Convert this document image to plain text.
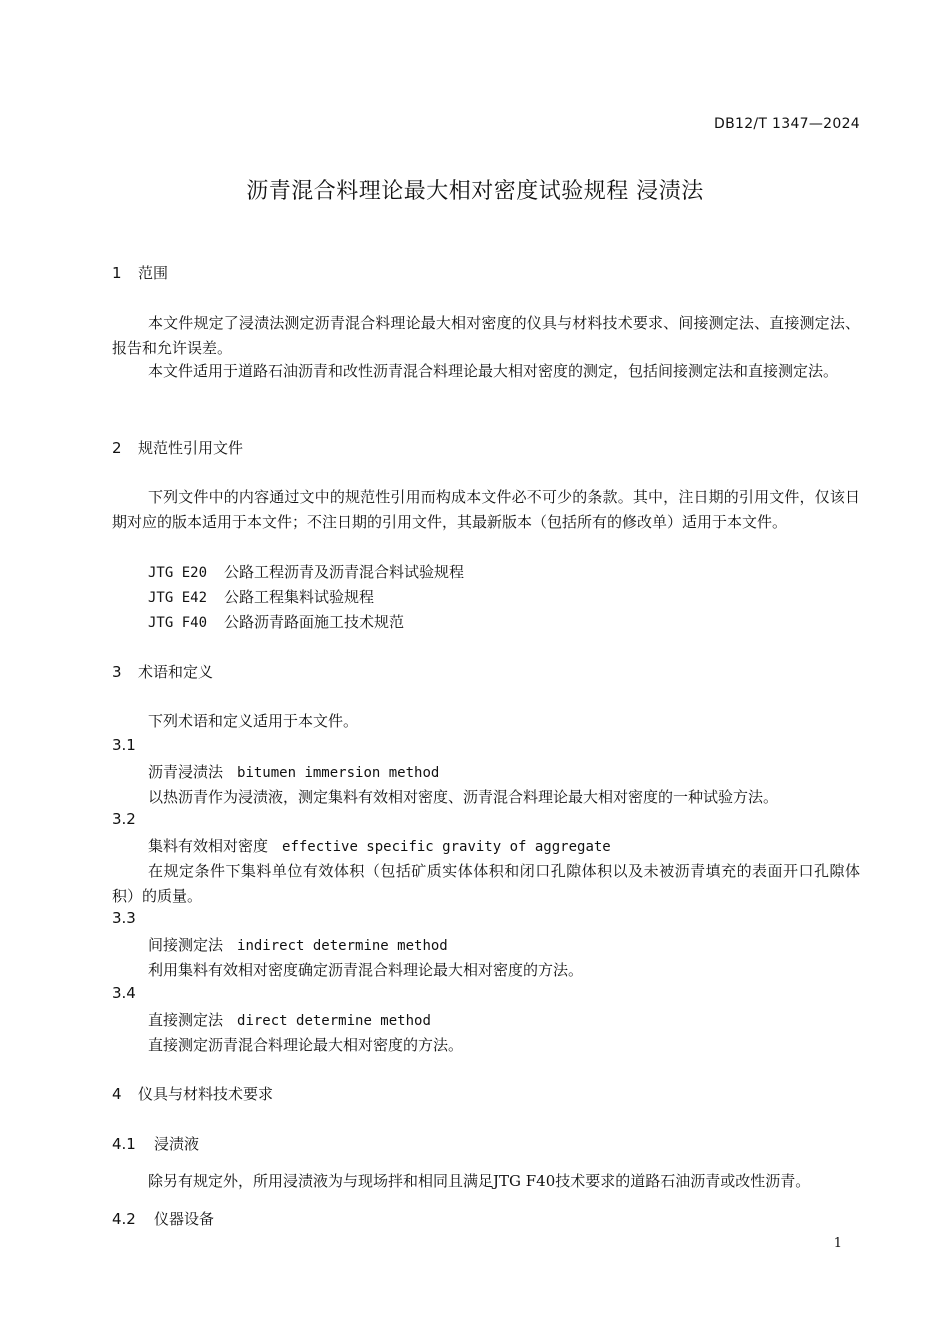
DB12/T 1347—2024
沥青混合料理论最大相对密度试验规程 浸渍法
1 范围
本文件规定了浸渍法测定沥青混合料理论最大相对密度的仪具与材料技术要求、间接测定法、直接测定法、报告和允许误差。
本文件适用于道路石油沥青和改性沥青混合料理论最大相对密度的测定，包括间接测定法和直接测定法。
2 规范性引用文件
下列文件中的内容通过文中的规范性引用而构成本文件必不可少的条款。其中，注日期的引用文件，仅该日期对应的版本适用于本文件；不注日期的引用文件，其最新版本（包括所有的修改单）适用于本文件。
JTG E20 公路工程沥青及沥青混合料试验规程
JTG E42 公路工程集料试验规程
JTG F40 公路沥青路面施工技术规范
3 术语和定义
下列术语和定义适用于本文件。
3.1
沥青浸渍法 bitumen immersion method
以热沥青作为浸渍液，测定集料有效相对密度、沥青混合料理论最大相对密度的一种试验方法。
3.2
集料有效相对密度 effective specific gravity of aggregate
在规定条件下集料单位有效体积（包括矿质实体体积和闭口孔隙体积以及未被沥青填充的表面开口孔隙体积）的质量。
3.3
间接测定法 indirect determine method
利用集料有效相对密度确定沥青混合料理论最大相对密度的方法。
3.4
直接测定法 direct determine method
直接测定沥青混合料理论最大相对密度的方法。
4 仪具与材料技术要求
4.1 浸渍液
除另有规定外，所用浸渍液为与现场拌和相同且满足JTG F40技术要求的道路石油沥青或改性沥青。
4.2 仪器设备
1
